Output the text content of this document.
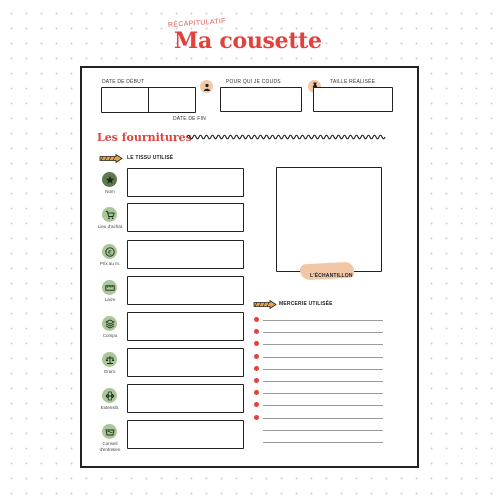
RÉCAPITULATIF
Ma cousette
DATE DE DÉBUT
DATE DE FIN
POUR QUI JE COUDS	TAILLE RÉALISÉE
Les fournitures
LE TISSU UTILISÉ
Nom
Lieu d'achat
€
Prix au m.
Laize
Compo
Gram.
Extensib.
Conseil d'entretien
L'ÉCHANTILLON
MERCERIE UTILISÉE
